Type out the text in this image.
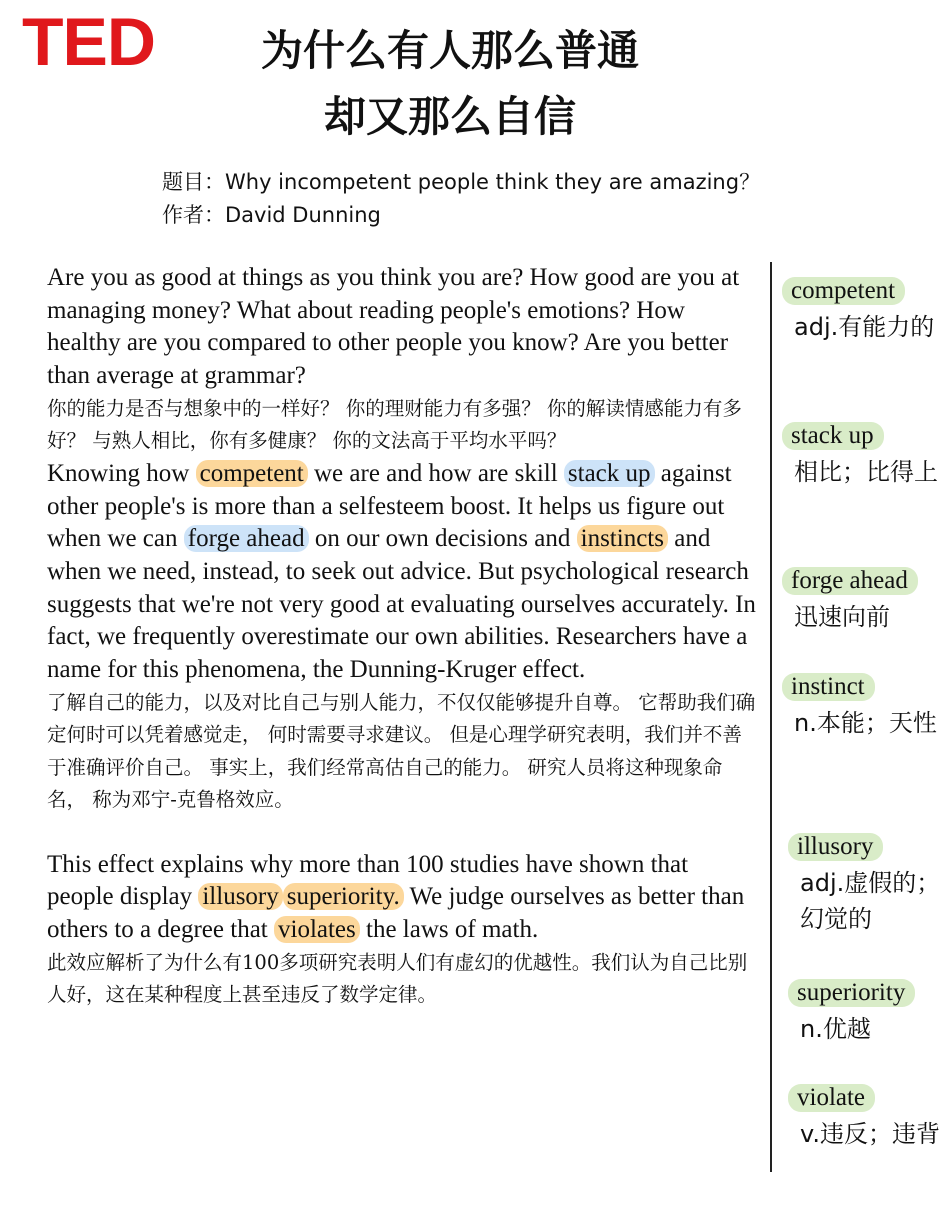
TED	为什么有人那么普通
却又那么自信
题目：Why incompetent people think they are amazing？
作者：David Dunning

Are you as good at things as you think you are? How good are you at managing money? What about reading people's emotions? How healthy are you compared to other people you know? Are you better than average at grammar?

你的能力是否与想象中的一样好？ 你的理财能力有多强？ 你的解读情感能力有多好？ 与熟人相比，你有多健康？ 你的文法高于平均水平吗？

Knowing how competent we are and how are skill stack up against other people's is more than a selfesteem boost. It helps us figure out when we can forge ahead on our own decisions and instincts and when we need, instead, to seek out advice. But psychological research suggests that we're not very good at evaluating ourselves accurately. In fact, we frequently overestimate our own abilities. Researchers have a name for this phenomena, the Dunning-Kruger effect.

了解自己的能力，以及对比自己与别人能力，不仅仅能够提升自尊。 它帮助我们确定何时可以凭着感觉走， 何时需要寻求建议。 但是心理学研究表明，我们并不善于准确评价自己。 事实上，我们经常高估自己的能力。 研究人员将这种现象命名， 称为邓宁-克鲁格效应。

This effect explains why more than 100 studies have shown that people display illusory superiority. We judge ourselves as better than others to a degree that violates the laws of math.

此效应解析了为什么有100多项研究表明人们有虚幻的优越性。我们认为自己比别人好，这在某种程度上甚至违反了数学定律。

competent
adj.有能力的
stack up
相比；比得上
forge ahead
迅速向前
instinct
n.本能；天性
illusory
adj.虚假的；幻觉的
superiority
n.优越
violate
v.违反；违背
